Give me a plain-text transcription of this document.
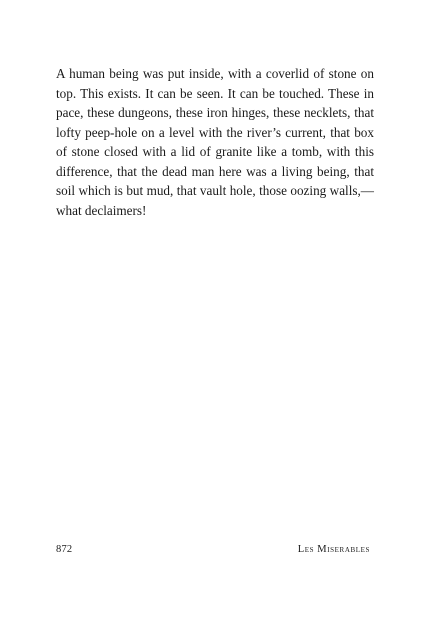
A human being was put inside, with a coverlid of stone on top. This exists. It can be seen. It can be touched. These in pace, these dungeons, these iron hinges, these necklets, that lofty peep-hole on a level with the river’s current, that box of stone closed with a lid of granite like a tomb, with this difference, that the dead man here was a living being, that soil which is but mud, that vault hole, those oozing walls,—what declaimers!

872	Les Miserables
